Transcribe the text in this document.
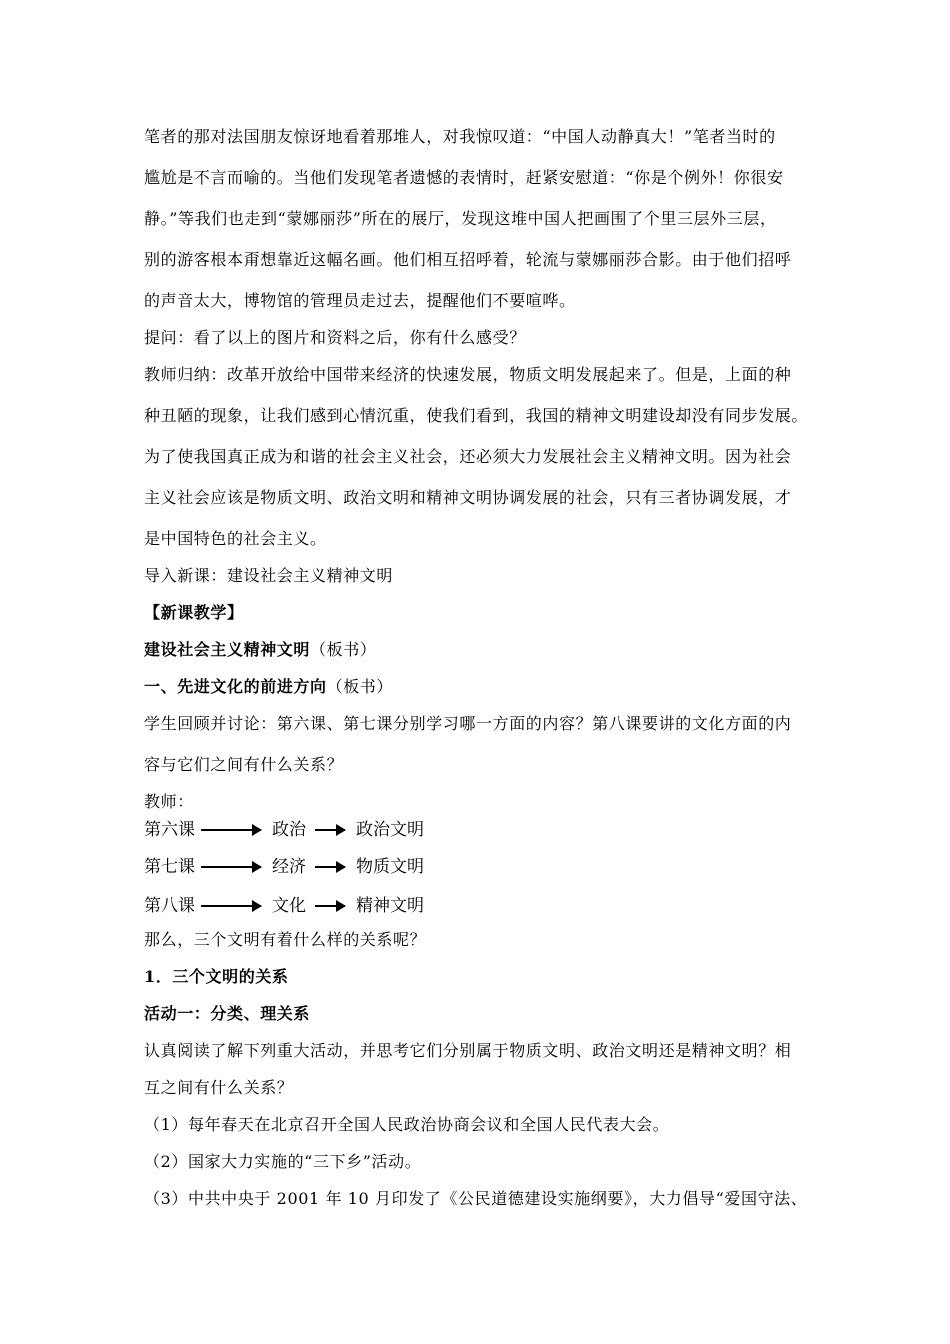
笔者的那对法国朋友惊讶地看着那堆人，对我惊叹道：“中国人动静真大！”笔者当时的
尴尬是不言而喻的。当他们发现笔者遗憾的表情时，赶紧安慰道：“你是个例外！你很安
静。”等我们也走到“蒙娜丽莎”所在的展厅，发现这堆中国人把画围了个里三层外三层，
别的游客根本甭想靠近这幅名画。他们相互招呼着，轮流与蒙娜丽莎合影。由于他们招呼
的声音太大，博物馆的管理员走过去，提醒他们不要喧哗。
提问：看了以上的图片和资料之后，你有什么感受？
教师归纳：改革开放给中国带来经济的快速发展，物质文明发展起来了。但是，上面的种
种丑陋的现象，让我们感到心情沉重，使我们看到，我国的精神文明建设却没有同步发展。
为了使我国真正成为和谐的社会主义社会，还必须大力发展社会主义精神文明。因为社会
主义社会应该是物质文明、政治文明和精神文明协调发展的社会，只有三者协调发展，才
是中国特色的社会主义。
导入新课：建设社会主义精神文明
【新课教学】
建设社会主义精神文明（板书）
一、先进文化的前进方向（板书）
学生回顾并讨论：第六课、第七课分别学习哪一方面的内容？第八课要讲的文化方面的内
容与它们之间有什么关系？
教师：
第六课	政治	政治文明
第七课	经济	物质文明
第八课	文化	精神文明
那么，三个文明有着什么样的关系呢？
1．三个文明的关系
活动一：分类、理关系
认真阅读了解下列重大活动，并思考它们分别属于物质文明、政治文明还是精神文明？相
互之间有什么关系？
（1）每年春天在北京召开全国人民政治协商会议和全国人民代表大会。
（2）国家大力实施的“三下乡”活动。
（3）中共中央于 2001 年 10 月印发了《公民道德建设实施纲要》，大力倡导“爱国守法、
